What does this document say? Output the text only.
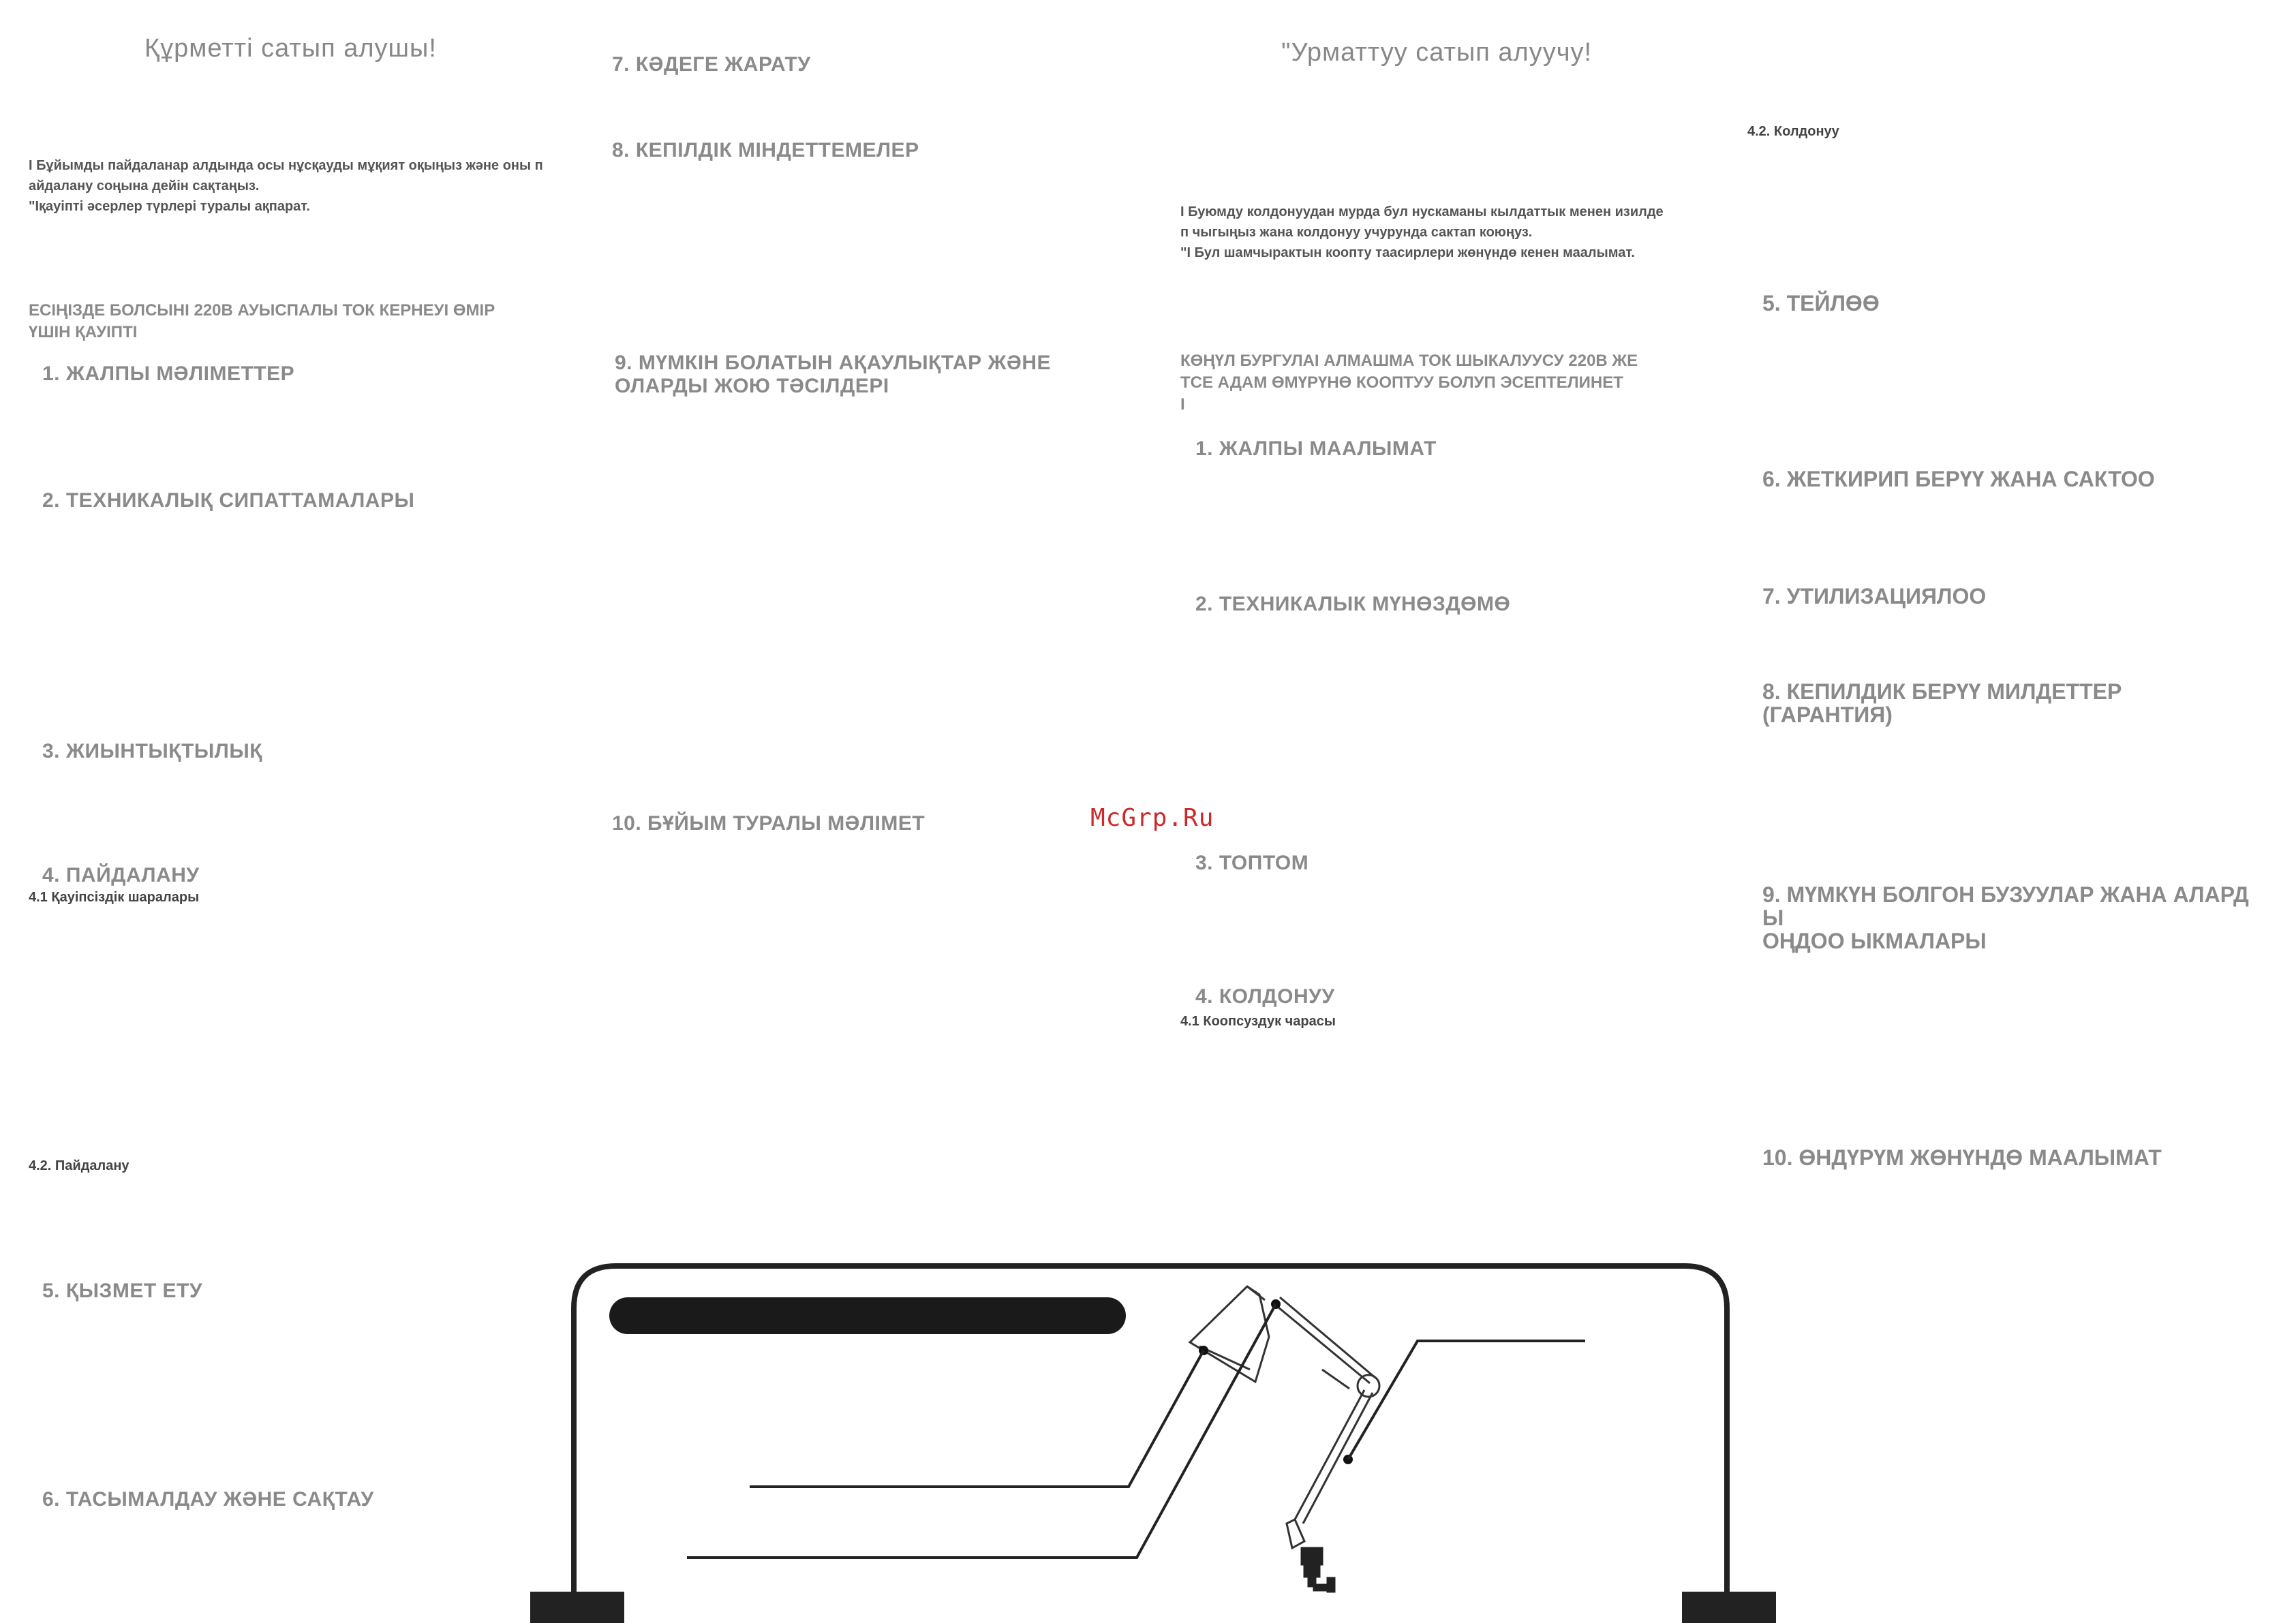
Құрметті сатып алушы!
І Бұйымды пайдаланар алдында осы нұсқауды мұқият оқыңыз және оны п
айдалану соңына дейін сақтаңыз.
"Іқауіпті әсерлер түрлері туралы ақпарат.
ЕСІҢІЗДЕ БОЛСЫНІ 220В АУЫСПАЛЫ ТОК КЕРНЕУІ ӨМІР
ҮШІН ҚАУІПТІ
1. ЖАЛПЫ МӘЛІМЕТТЕР
2. ТЕХНИКАЛЫҚ СИПАТТАМАЛАРЫ
3. ЖИЫНТЫҚТЫЛЫҚ
4. ПАЙДАЛАНУ
4.1 Қауіпсіздік шаралары
4.2. Пайдалану
5. ҚЫЗМЕТ ЕТУ
6. ТАСЫМАЛДАУ ЖӘНЕ САҚТАУ
7. КӘДЕГЕ ЖАРАТУ
8. КЕПІЛДІК МІНДЕТТЕМЕЛЕР
9. МҮМКІН БОЛАТЫН АҚАУЛЫҚТАР ЖӘНЕ
ОЛАРДЫ ЖОЮ ТӘСІЛДЕРІ
10. БҰЙЫМ ТУРАЛЫ МӘЛІМЕТ
"Урматтуу сатып алуучу!
І Буюмду колдонуудан мурда бул нускаманы кылдаттык менен изилде
п чыгыңыз жана колдонуу учурунда сактап коюңуз.
"І Бул шамчырактын коопту таасирлери жөнүндө кенен маалымат.
КӨҢҮЛ БУРГУЛАІ АЛМАШМА ТОК ШЫКАЛУУСУ 220В ЖЕ
ТСЕ АДАМ ӨМҮРҮНӨ КООПТУУ БОЛУП ЭСЕПТЕЛИНЕТ
І
1. ЖАЛПЫ МААЛЫМАТ
2. ТЕХНИКАЛЫК МҮНӨЗДӨМӨ
3. ТОПТОМ
4. КОЛДОНУУ
4.1 Коопсуздук чарасы
4.2. Колдонуу
5. ТЕЙЛӨӨ
6. ЖЕТКИРИП БЕРҮҮ ЖАНА САКТОО
7. УТИЛИЗАЦИЯЛОО
8. КЕПИЛДИК БЕРҮҮ МИЛДЕТТЕР
(ГАРАНТИЯ)
9. МҮМКҮН БОЛГОН БУЗУУЛАР ЖАНА АЛАРД
Ы
ОҢДОО ЫКМАЛАРЫ
10. ӨНДҮРҮМ ЖӨНҮНДӨ МААЛЫМАТ
McGrp.Ru
